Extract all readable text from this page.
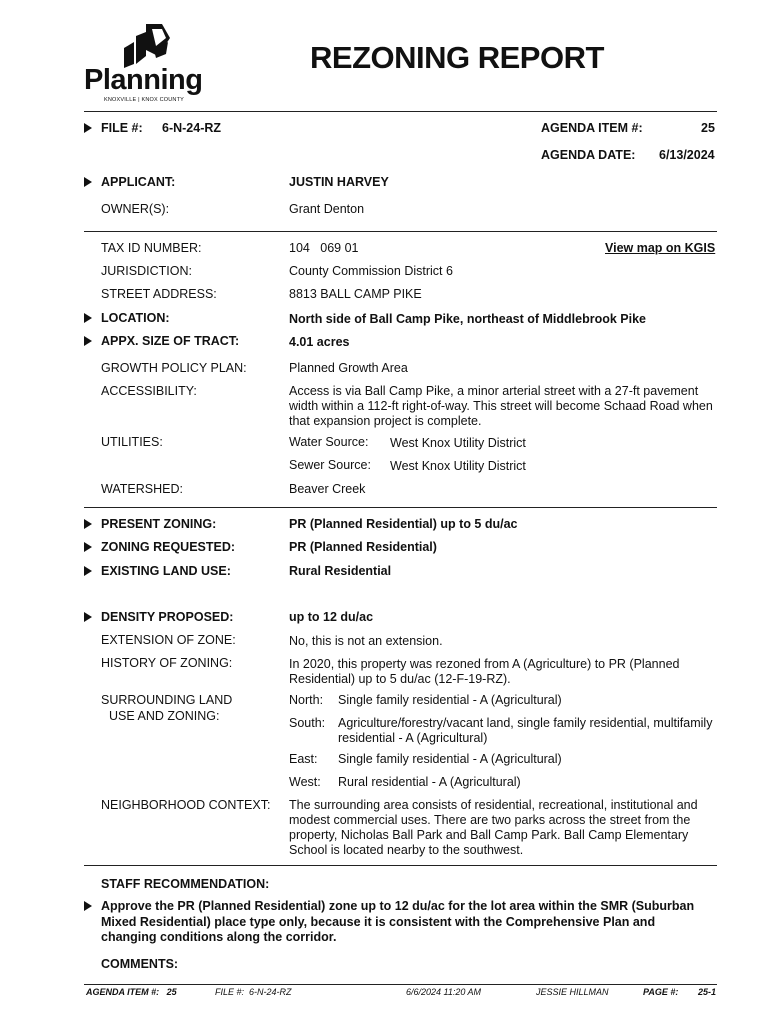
Planning
KNOXVILLE | KNOX COUNTY
REZONING REPORT
FILE #: 6-N-24-RZ	AGENDA ITEM #:	25
AGENDA DATE: 6/13/2024
APPLICANT:	JUSTIN HARVEY
OWNER(S):	Grant Denton
TAX ID NUMBER:	104   069 01	View map on KGIS
JURISDICTION:	County Commission District 6
STREET ADDRESS:	8813 BALL CAMP PIKE
LOCATION:	North side of Ball Camp Pike, northeast of Middlebrook Pike
APPX. SIZE OF TRACT:	4.01 acres
GROWTH POLICY PLAN:	Planned Growth Area
ACCESSIBILITY:	Access is via Ball Camp Pike, a minor arterial street with a 27-ft pavement width within a 112-ft right-of-way. This street will become Schaad Road when that expansion project is complete.
UTILITIES:	Water Source: West Knox Utility District
Sewer Source: West Knox Utility District
WATERSHED:	Beaver Creek
PRESENT ZONING:	PR (Planned Residential) up to 5 du/ac
ZONING REQUESTED:	PR (Planned Residential)
EXISTING LAND USE:	Rural Residential
DENSITY PROPOSED:	up to 12 du/ac
EXTENSION OF ZONE:	No, this is not an extension.
HISTORY OF ZONING:	In 2020, this property was rezoned from A (Agriculture) to PR (Planned Residential) up to 5 du/ac (12-F-19-RZ).
SURROUNDING LAND
USE AND ZONING:
North: Single family residential - A (Agricultural)
South: Agriculture/forestry/vacant land, single family residential, multifamily residential - A (Agricultural)
East: Single family residential - A (Agricultural)
West: Rural residential - A (Agricultural)
NEIGHBORHOOD CONTEXT: The surrounding area consists of residential, recreational, institutional and modest commercial uses. There are two parks across the street from the property, Nicholas Ball Park and Ball Camp Park. Ball Camp Elementary School is located nearby to the southwest.
STAFF RECOMMENDATION:
Approve the PR (Planned Residential) zone up to 12 du/ac for the lot area within the SMR (Suburban Mixed Residential) place type only, because it is consistent with the Comprehensive Plan and changing conditions along the corridor.
COMMENTS:
AGENDA ITEM #:   25	FILE #:  6-N-24-RZ	6/6/2024 11:20 AM	JESSIE HILLMAN	PAGE #: 25-1
